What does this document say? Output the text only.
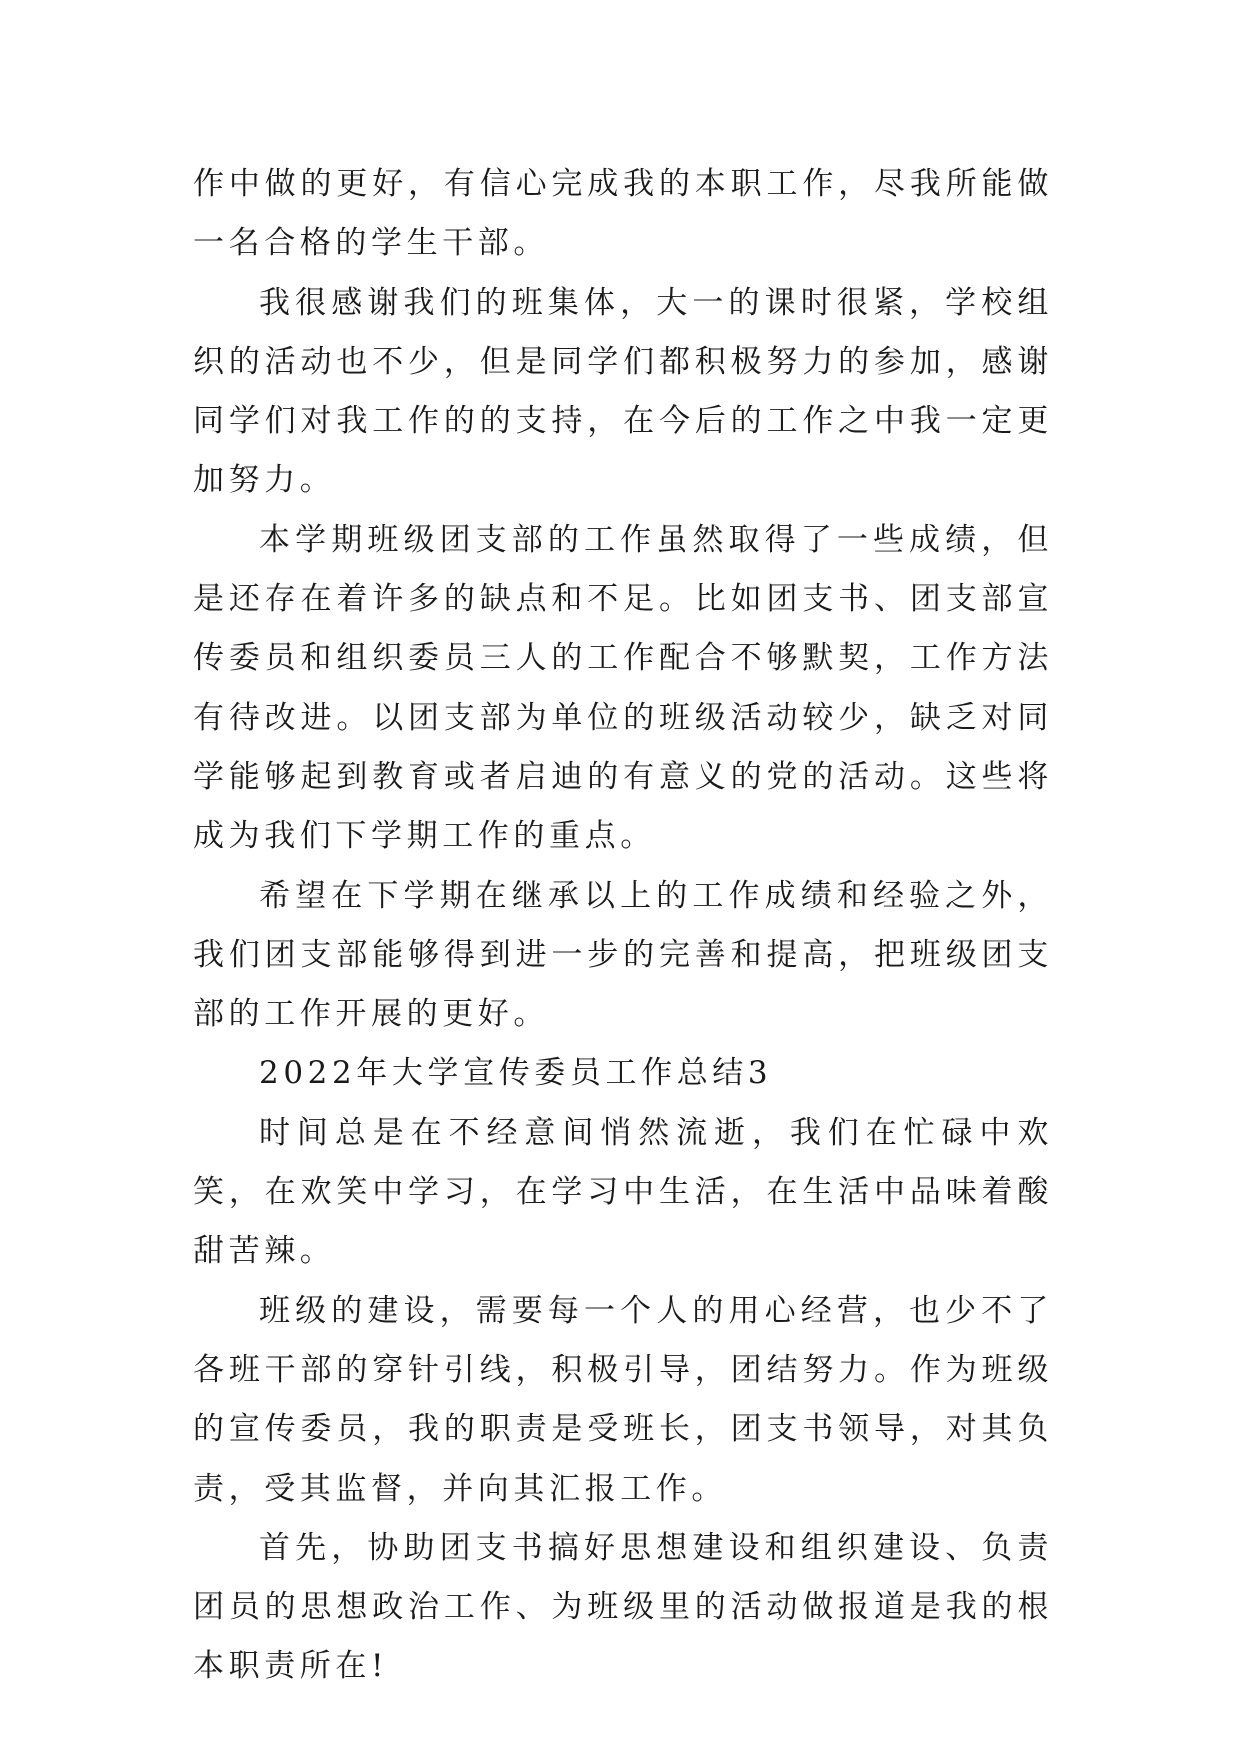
作中做的更好，有信心完成我的本职工作，尽我所能做一名合格的学生干部。

我很感谢我们的班集体，大一的课时很紧，学校组织的活动也不少，但是同学们都积极努力的参加，感谢同学们对我工作的的支持，在今后的工作之中我一定更加努力。

本学期班级团支部的工作虽然取得了一些成绩，但是还存在着许多的缺点和不足。比如团支书、团支部宣传委员和组织委员三人的工作配合不够默契，工作方法有待改进。以团支部为单位的班级活动较少，缺乏对同学能够起到教育或者启迪的有意义的党的活动。这些将成为我们下学期工作的重点。

希望在下学期在继承以上的工作成绩和经验之外，我们团支部能够得到进一步的完善和提高，把班级团支部的工作开展的更好。

2022年大学宣传委员工作总结3

时间总是在不经意间悄然流逝，我们在忙碌中欢笑，在欢笑中学习，在学习中生活，在生活中品味着酸甜苦辣。

班级的建设，需要每一个人的用心经营，也少不了各班干部的穿针引线，积极引导，团结努力。作为班级的宣传委员，我的职责是受班长，团支书领导，对其负责，受其监督，并向其汇报工作。

首先，协助团支书搞好思想建设和组织建设、负责团员的思想政治工作、为班级里的活动做报道是我的根本职责所在!
